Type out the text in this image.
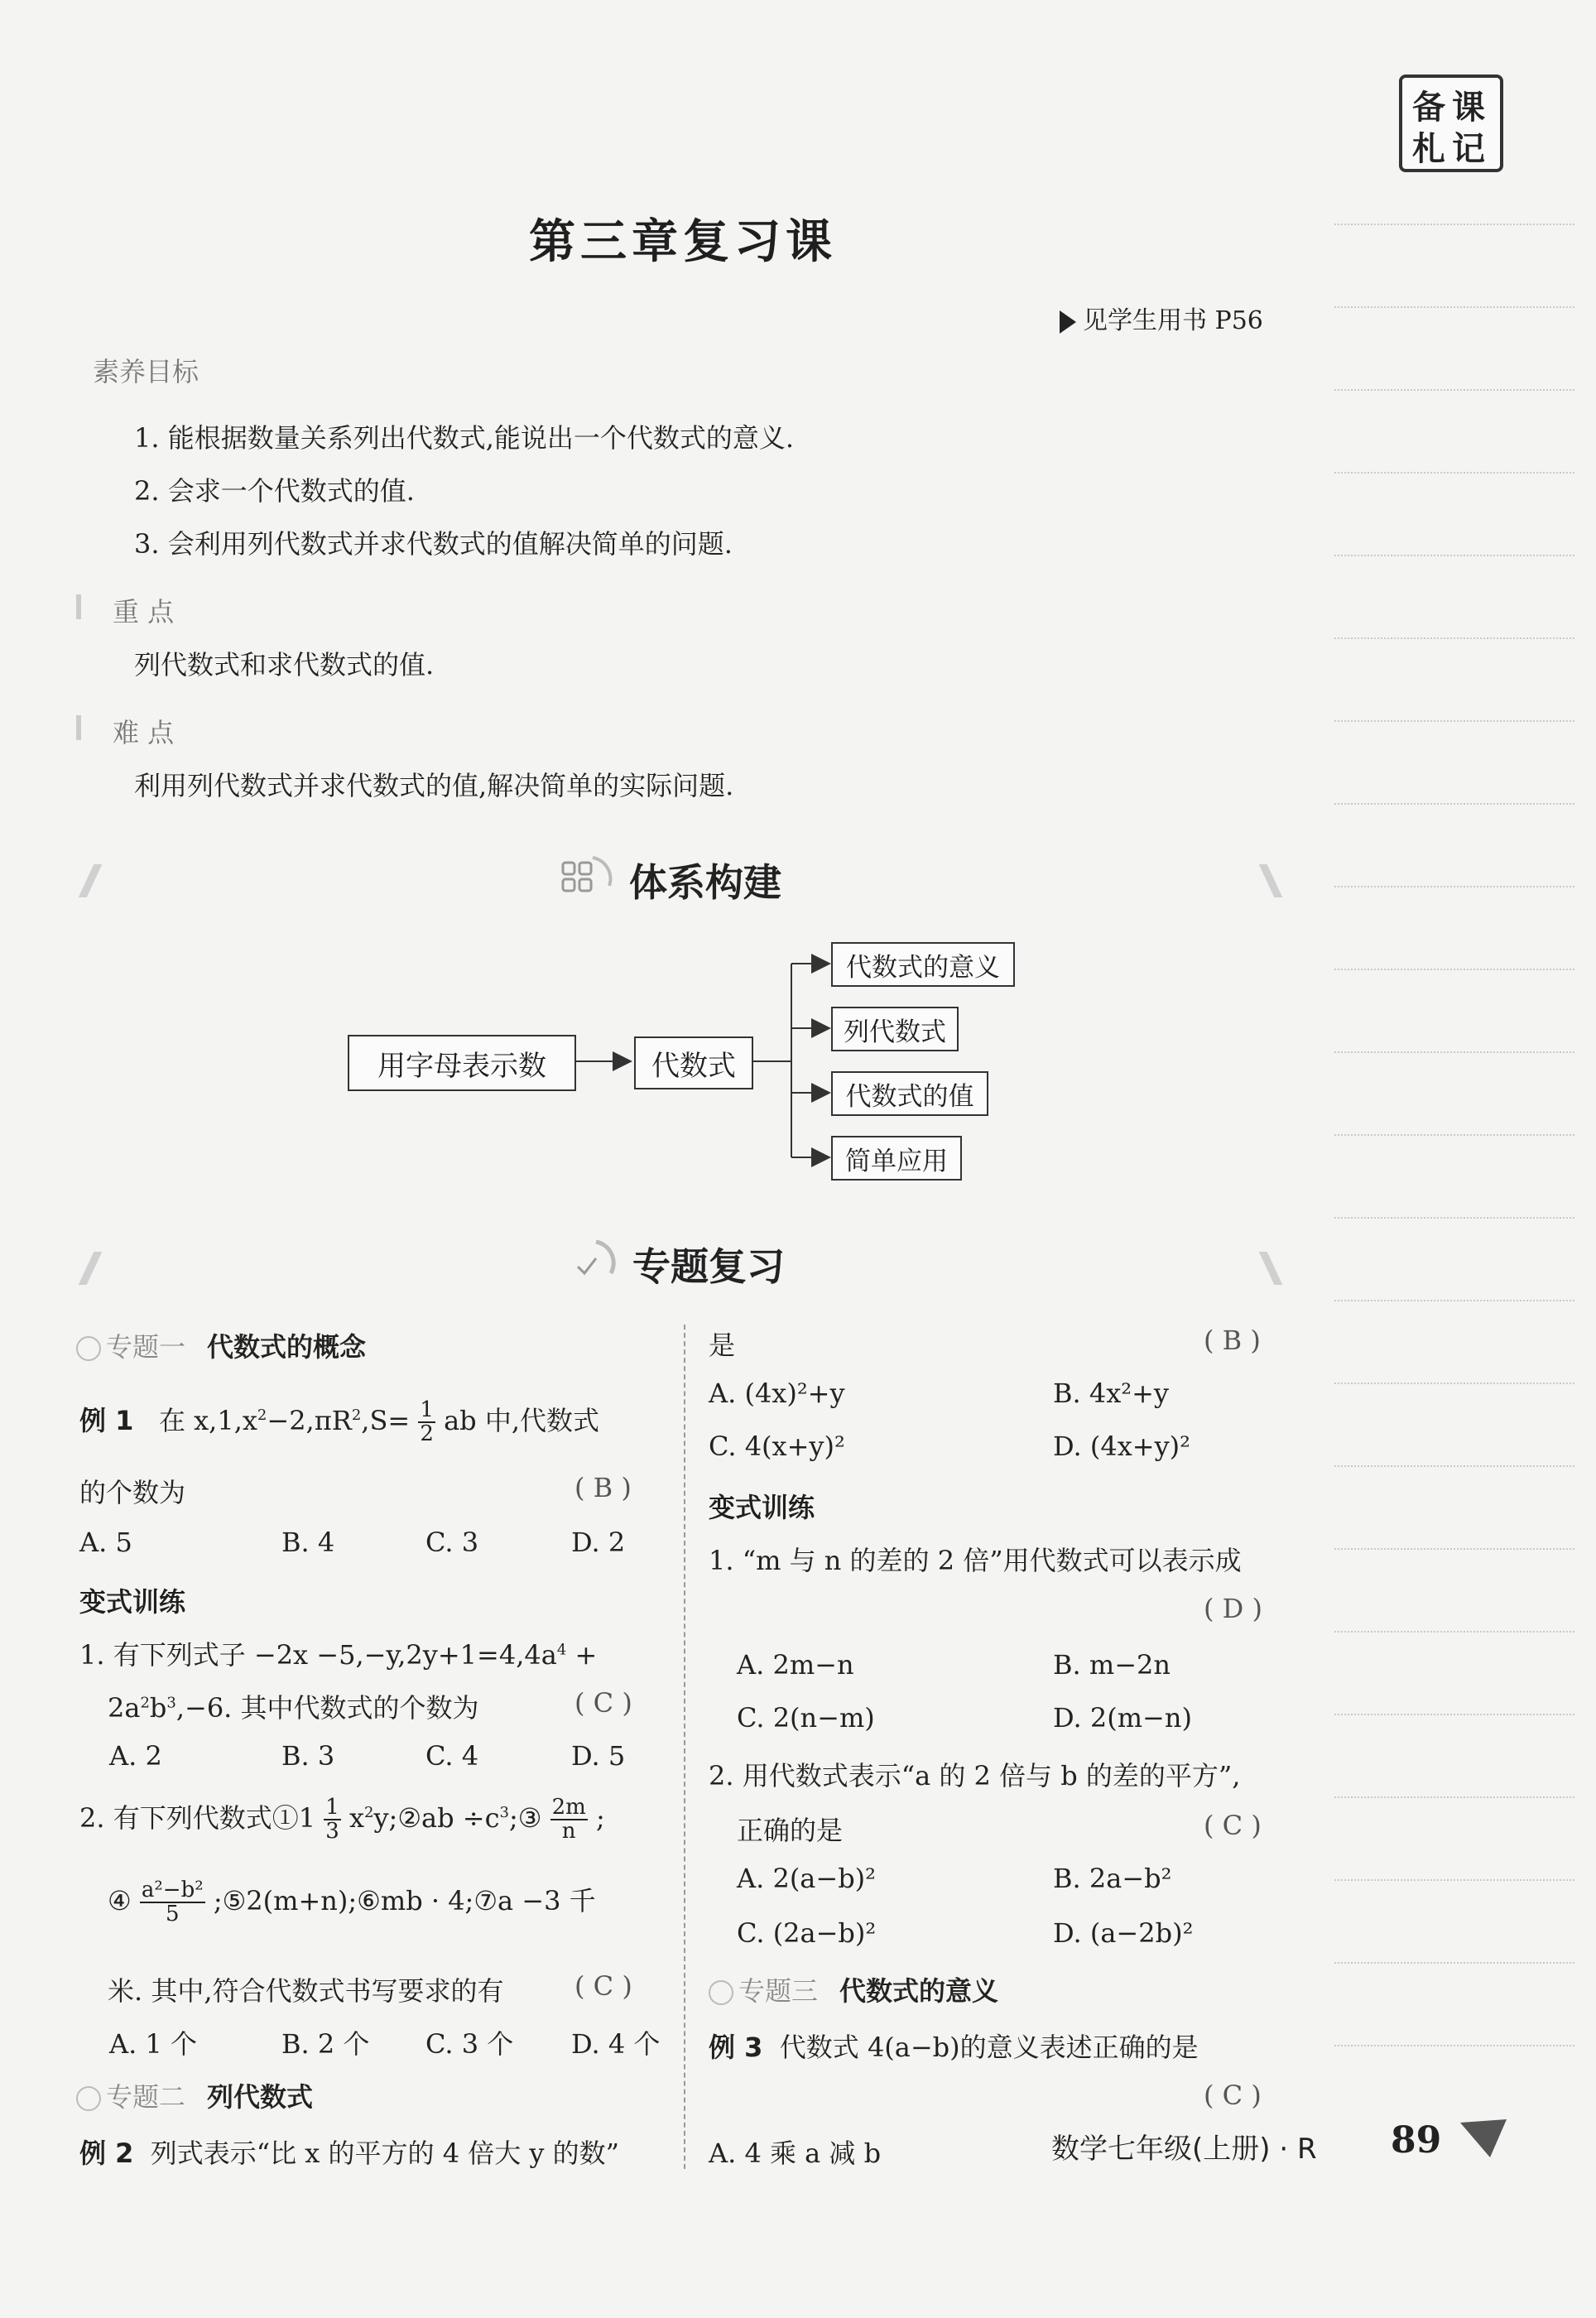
备 课
札 记
第三章复习课
见学生用书 P56
素养目标
1. 能根据数量关系列出代数式,能说出一个代数式的意义.
2. 会求一个代数式的值.
3. 会利用列代数式并求代数式的值解决简单的问题.
重 点
列代数式和求代数式的值.
难 点
利用列代数式并求代数式的值,解决简单的实际问题.
体系构建
用字母表示数	代数式
代数式的意义
列代数式
代数式的值
简单应用
专题复习
专题一 代数式的概念
例 1 在 $x,1,x^2-2,\pi R^2,S= \frac{1}{2}$ ab 中,代数式
的个数为	( B )
A. 5	B. 4	C. 3	D. 2
变式训练
1. 有下列式子 $-2x -5,-y,2y+1=4,4a^4$ +
$2a^2b^3,-6$. 其中代数式的个数为	( C )
A. 2	B. 3	C. 4	D. 5
2. 有下列代数式①1 $\frac{1}{3}$ $x^2y;②ab$ $\div c^3;③ \frac{2m}{n}$ ;
④ $\frac{\text{a²−b²}}{5}$ ;⑤2(m+n);⑥mb · 4;⑦a −3 千
米. 其中,符合代数式书写要求的有	( C )
A. 1 个	B. 2 个 C. 3 个 D. 4 个
专题二 列代数式
例 2 列式表示“比 x 的平方的 4 倍大 y 的数”
是	( B )
A. (4x)²+y	B. 4x²+y
C. 4(x+y)²	D. (4x+y)²
变式训练
1. “m 与 n 的差的 2 倍”用代数式可以表示成
( D )
A. 2m−n	B. m−2n
C. 2(n−m)	D. 2(m−n)
2. 用代数式表示“a 的 2 倍与 b 的差的平方”,
正确的是	( C )
A. 2(a−b)²	B. 2a−b²
C. (2a−b)²	D. (a−2b)²
专题三 代数式的意义
例 3 代数式 4(a−b)的意义表述正确的是
( C )
A. 4 乘 a 减 b	数学七年级(上册) · R 89
